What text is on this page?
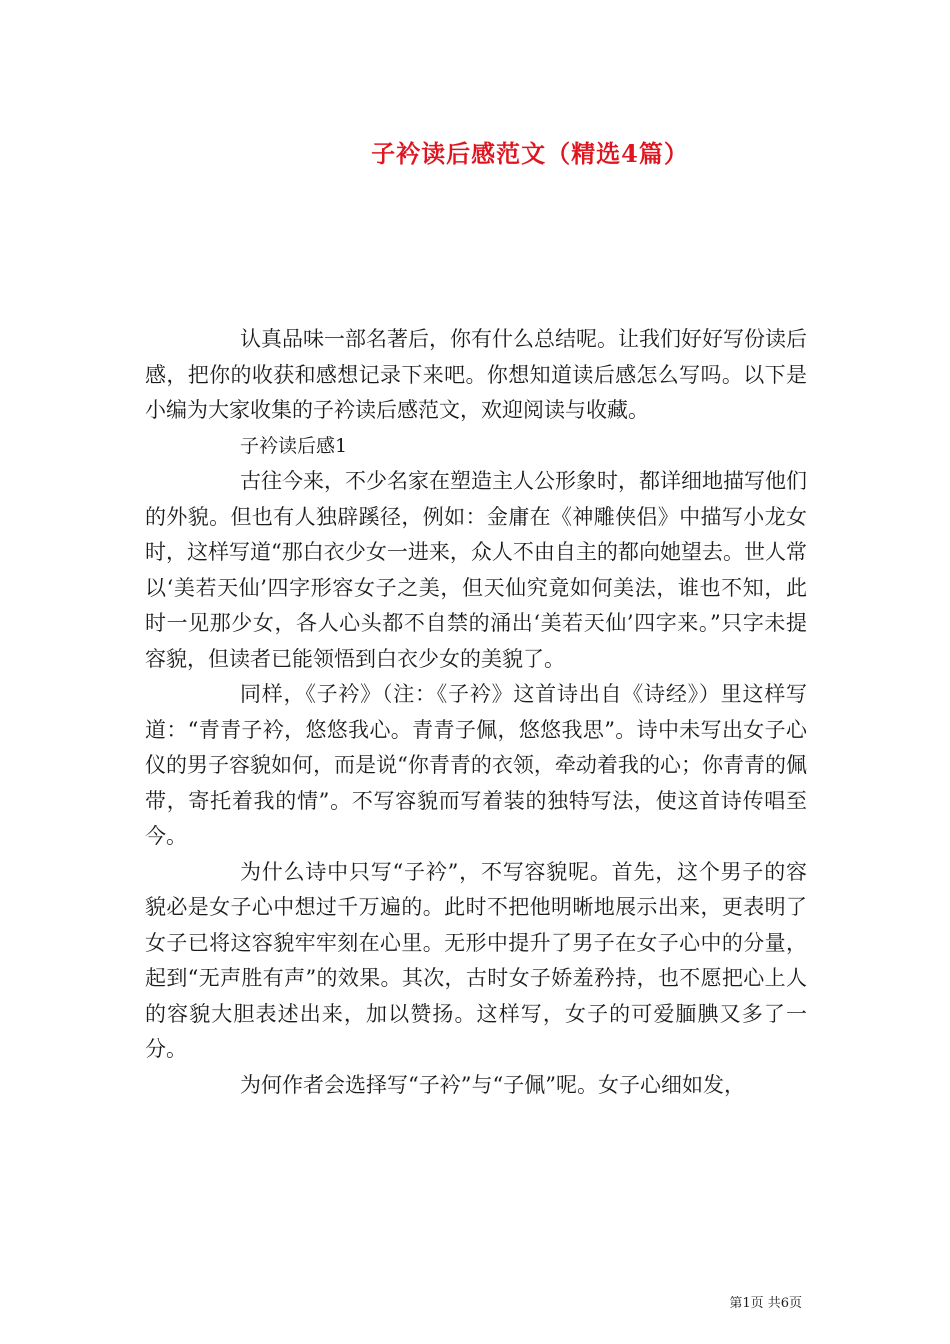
子衿读后感范文（精选4篇）

认真品味一部名著后，你有什么总结呢。让我们好好写份读后感，把你的收获和感想记录下来吧。你想知道读后感怎么写吗。以下是小编为大家收集的子衿读后感范文，欢迎阅读与收藏。

子衿读后感1

古往今来，不少名家在塑造主人公形象时，都详细地描写他们的外貌。但也有人独辟蹊径，例如：金庸在《神雕侠侣》中描写小龙女时，这样写道“那白衣少女一进来，众人不由自主的都向她望去。世人常以‘美若天仙’四字形容女子之美，但天仙究竟如何美法，谁也不知，此时一见那少女，各人心头都不自禁的涌出‘美若天仙’四字来。”只字未提容貌，但读者已能领悟到白衣少女的美貌了。

同样，《子衿》（注：《子衿》这首诗出自《诗经》）里这样写道：“青青子衿，悠悠我心。青青子佩，悠悠我思”。诗中未写出女子心仪的男子容貌如何，而是说“你青青的衣领，牵动着我的心；你青青的佩带，寄托着我的情”。不写容貌而写着装的独特写法，使这首诗传唱至今。

为什么诗中只写“子衿”，不写容貌呢。首先，这个男子的容貌必是女子心中想过千万遍的。此时不把他明晰地展示出来，更表明了女子已将这容貌牢牢刻在心里。无形中提升了男子在女子心中的分量，起到“无声胜有声”的效果。其次，古时女子娇羞矜持，也不愿把心上人的容貌大胆表述出来，加以赞扬。这样写，女子的可爱腼腆又多了一分。

为何作者会选择写“子衿”与“子佩”呢。女子心细如发，

第1页 共6页
